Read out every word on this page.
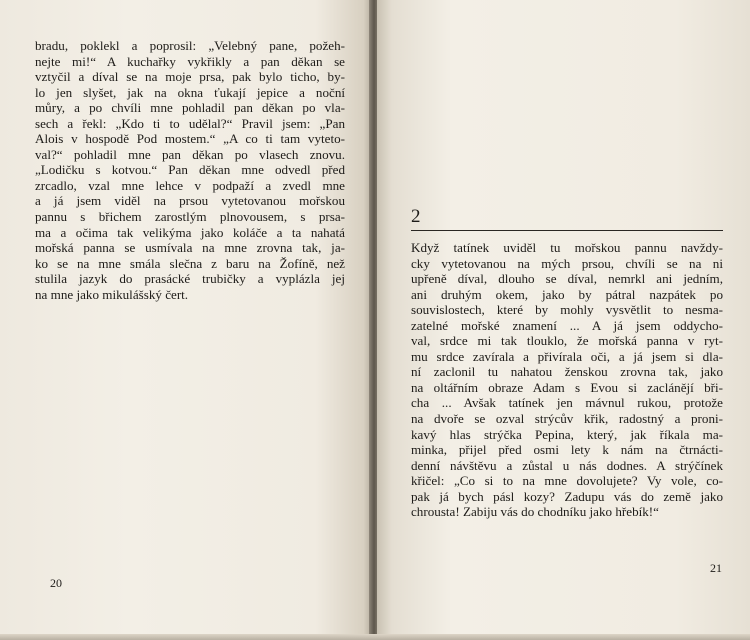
bradu, poklekl a poprosil: „Velebný pane, požeh-
nejte mi!“ A kuchařky vykřikly a pan děkan se
vztyčil a díval se na moje prsa, pak bylo ticho, by-
lo jen slyšet, jak na okna ťukají jepice a noční
můry, a po chvíli mne pohladil pan děkan po vla-
sech a řekl: „Kdo ti to udělal?“ Pravil jsem: „Pan
Alois v hospodě Pod mostem.“ „A co ti tam vyteto-
val?“ pohladil mne pan děkan po vlasech znovu.
„Lodičku s kotvou.“ Pan děkan mne odvedl před
zrcadlo, vzal mne lehce v podpaží a zvedl mne
a já jsem viděl na prsou vytetovanou mořskou
pannu s břichem zarostlým plnovousem, s prsa-
ma a očima tak velikýma jako koláče a ta nahatá
mořská panna se usmívala na mne zrovna tak, ja-
ko se na mne smála slečna z baru na Žofíně, než
stulila jazyk do prasácké trubičky a vyplázla jej
na mne jako mikulášský čert.
20
2
Když tatínek uviděl tu mořskou pannu navždy-
cky vytetovanou na mých prsou, chvíli se na ni
upřeně díval, dlouho se díval, nemrkl ani jedním,
ani druhým okem, jako by pátral nazpátek po
souvislostech, které by mohly vysvětlit to nesma-
zatelné mořské znamení ... A já jsem oddycho-
val, srdce mi tak tlouklo, že mořská panna v ryt-
mu srdce zavírala a přivírala oči, a já jsem si dla-
ní zaclonil tu nahatou ženskou zrovna tak, jako
na oltářním obraze Adam s Evou si zaclánějí bři-
cha ... Avšak tatínek jen mávnul rukou, protože
na dvoře se ozval strýcův křik, radostný a proni-
kavý hlas strýčka Pepina, který, jak říkala ma-
minka, přijel před osmi lety k nám na čtrnácti-
denní návštěvu a zůstal u nás dodnes. A strýčínek
křičel: „Co si to na mne dovolujete? Vy vole, co-
pak já bych pásl kozy? Zadupu vás do země jako
chrousta! Zabiju vás do chodníku jako hřebík!“
21
